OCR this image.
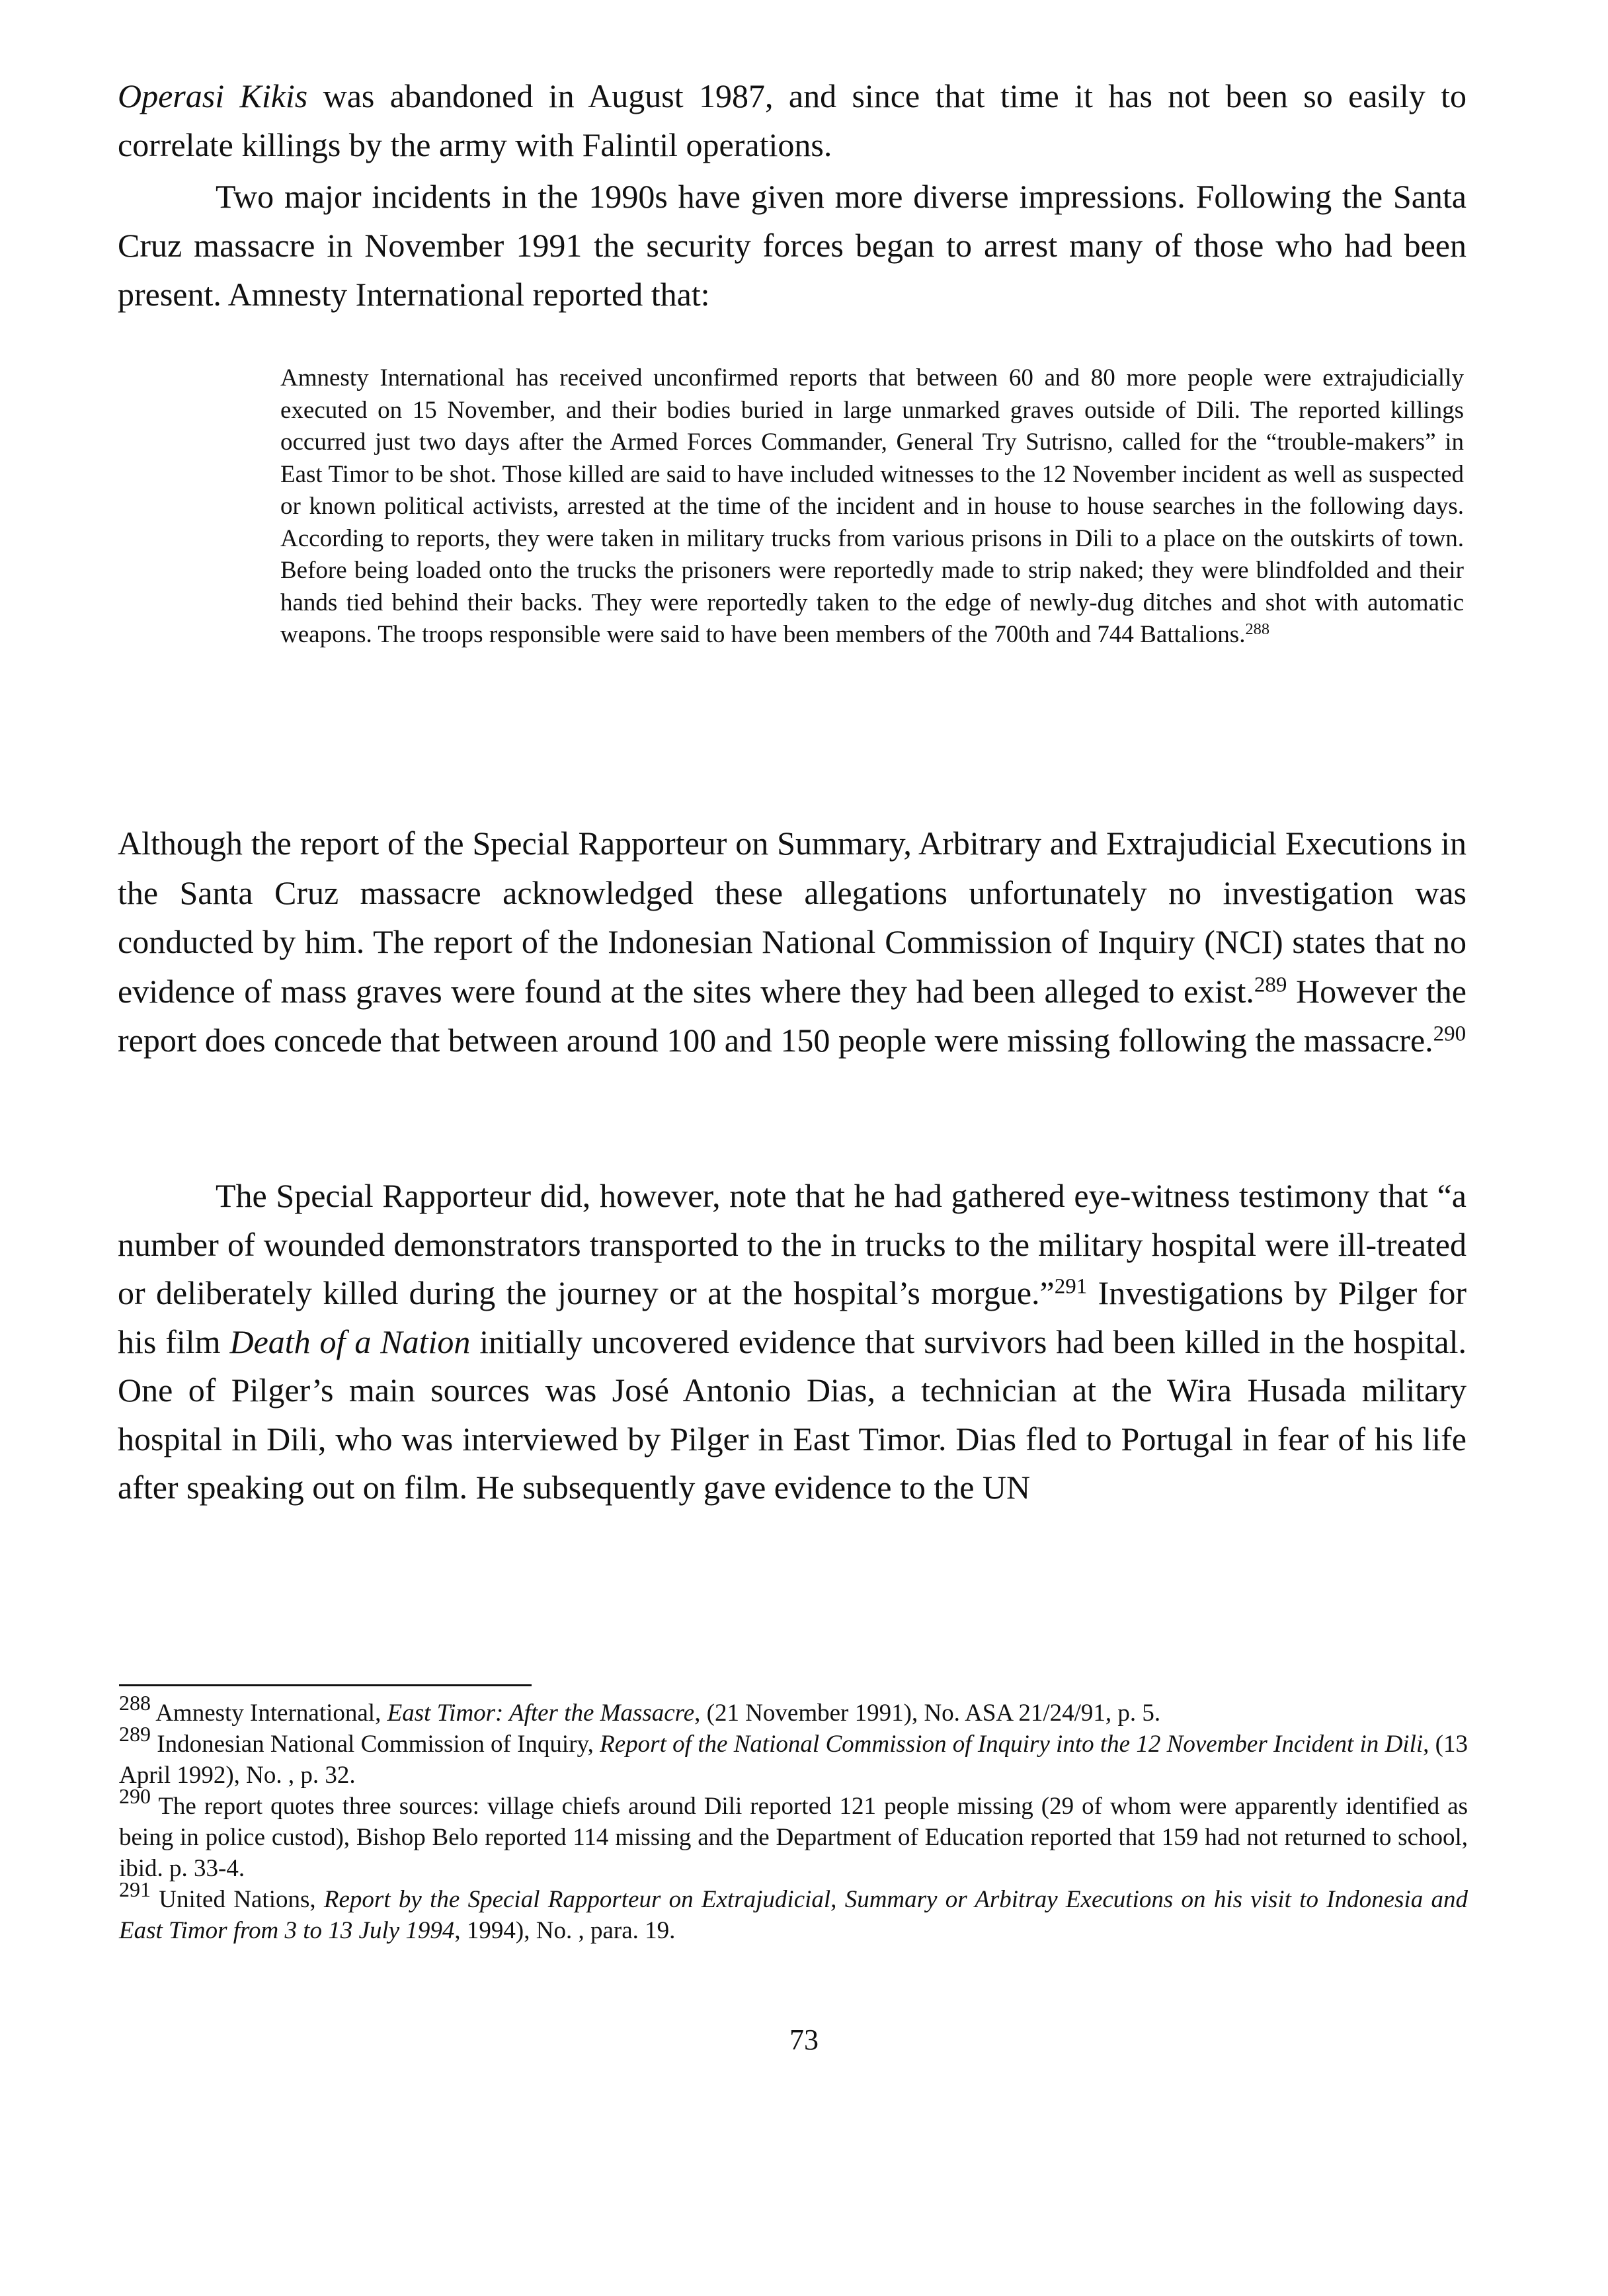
Operasi Kikis was abandoned in August 1987, and since that time it has not been so easily to correlate killings by the army with Falintil operations.

Two major incidents in the 1990s have given more diverse impressions. Following the Santa Cruz massacre in November 1991 the security forces began to arrest many of those who had been present. Amnesty International reported that:

Amnesty International has received unconfirmed reports that between 60 and 80 more people were extrajudicially executed on 15 November, and their bodies buried in large unmarked graves outside of Dili. The reported killings occurred just two days after the Armed Forces Commander, General Try Sutrisno, called for the “trouble-makers” in East Timor to be shot. Those killed are said to have included witnesses to the 12 November incident as well as suspected or known political activists, arrested at the time of the incident and in house to house searches in the following days. According to reports, they were taken in military trucks from various prisons in Dili to a place on the outskirts of town. Before being loaded onto the trucks the prisoners were reportedly made to strip naked; they were blindfolded and their hands tied behind their backs. They were reportedly taken to the edge of newly-dug ditches and shot with automatic weapons. The troops responsible were said to have been members of the 700th and 744 Battalions.$^{288}$

Although the report of the Special Rapporteur on Summary, Arbitrary and Extrajudicial Executions in the Santa Cruz massacre acknowledged these allegations unfortunately no investigation was conducted by him. The report of the Indonesian National Commission of Inquiry (NCI) states that no evidence of mass graves were found at the sites where they had been alleged to exist.$^{289}$ However the report does concede that between around 100 and 150 people were missing following the massacre.$^{290}$

The Special Rapporteur did, however, note that he had gathered eye-witness testimony that “a number of wounded demonstrators transported to the in trucks to the military hospital were ill-treated or deliberately killed during the journey or at the hospital’s morgue.”$^{291}$ Investigations by Pilger for his film Death of a Nation initially uncovered evidence that survivors had been killed in the hospital. One of Pilger’s main sources was José Antonio Dias, a technician at the Wira Husada military hospital in Dili, who was interviewed by Pilger in East Timor. Dias fled to Portugal in fear of his life after speaking out on film. He subsequently gave evidence to the UN

$^{288}$ Amnesty International, East Timor: After the Massacre, (21 November 1991), No. ASA 21/24/91, p. 5.

$^{289}$ Indonesian National Commission of Inquiry, Report of the National Commission of Inquiry into the 12 November Incident in Dili, (13 April 1992), No. , p. 32.

$^{290}$ The report quotes three sources: village chiefs around Dili reported 121 people missing (29 of whom were apparently identified as being in police custod), Bishop Belo reported 114 missing and the Department of Education reported that 159 had not returned to school, ibid. p. 33-4.

$^{291}$ United Nations, Report by the Special Rapporteur on Extrajudicial, Summary or Arbitray Executions on his visit to Indonesia and East Timor from 3 to 13 July 1994, 1994), No. , para. 19.

73
